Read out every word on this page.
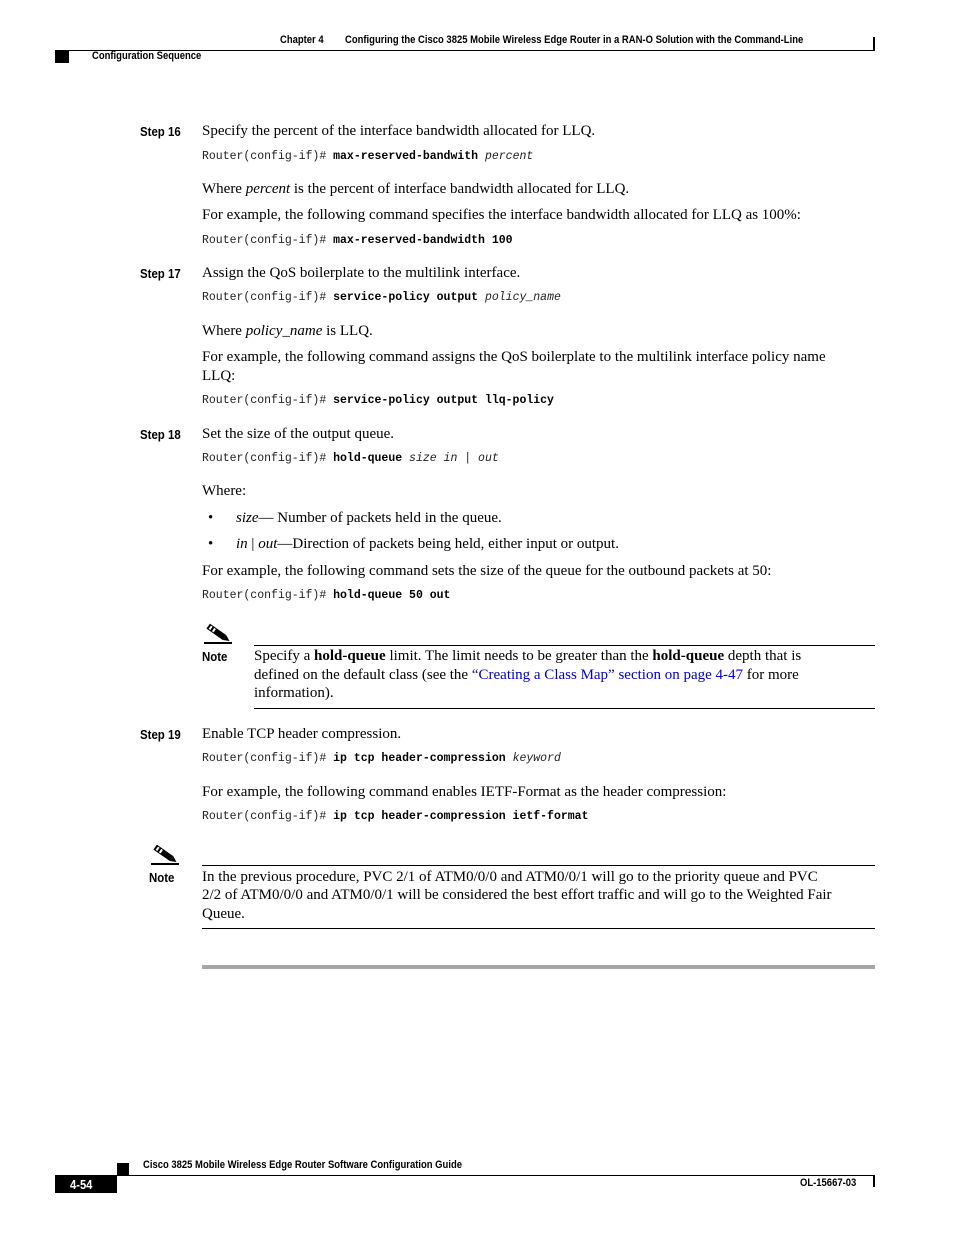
Chapter 4 Configuring the Cisco 3825 Mobile Wireless Edge Router in a RAN-O Solution with the Command-Line
Configuration Sequence
Step 16 Specify the percent of the interface bandwidth allocated for LLQ.
Router(config-if)# max-reserved-bandwith percent
Where percent is the percent of interface bandwidth allocated for LLQ.
For example, the following command specifies the interface bandwidth allocated for LLQ as 100%:
Router(config-if)# max-reserved-bandwidth 100
Step 17 Assign the QoS boilerplate to the multilink interface.
Router(config-if)# service-policy output policy_name
Where policy_name is LLQ.
For example, the following command assigns the QoS boilerplate to the multilink interface policy name
LLQ:
Router(config-if)# service-policy output llq-policy
Step 18 Set the size of the output queue.
Router(config-if)# hold-queue size in | out
Where:
• size— Number of packets held in the queue.
• in | out—Direction of packets being held, either input or output.
For example, the following command sets the size of the queue for the outbound packets at 50:
Router(config-if)# hold-queue 50 out
Note Specify a hold-queue limit. The limit needs to be greater than the hold-queue depth that is
defined on the default class (see the “Creating a Class Map” section on page 4-47 for more
information).
Step 19 Enable TCP header compression.
Router(config-if)# ip tcp header-compression keyword
For example, the following command enables IETF-Format as the header compression:
Router(config-if)# ip tcp header-compression ietf-format
Note In the previous procedure, PVC 2/1 of ATM0/0/0 and ATM0/0/1 will go to the priority queue and PVC
2/2 of ATM0/0/0 and ATM0/0/1 will be considered the best effort traffic and will go to the Weighted Fair
Queue.
Cisco 3825 Mobile Wireless Edge Router Software Configuration Guide
4-54	OL-15667-03
